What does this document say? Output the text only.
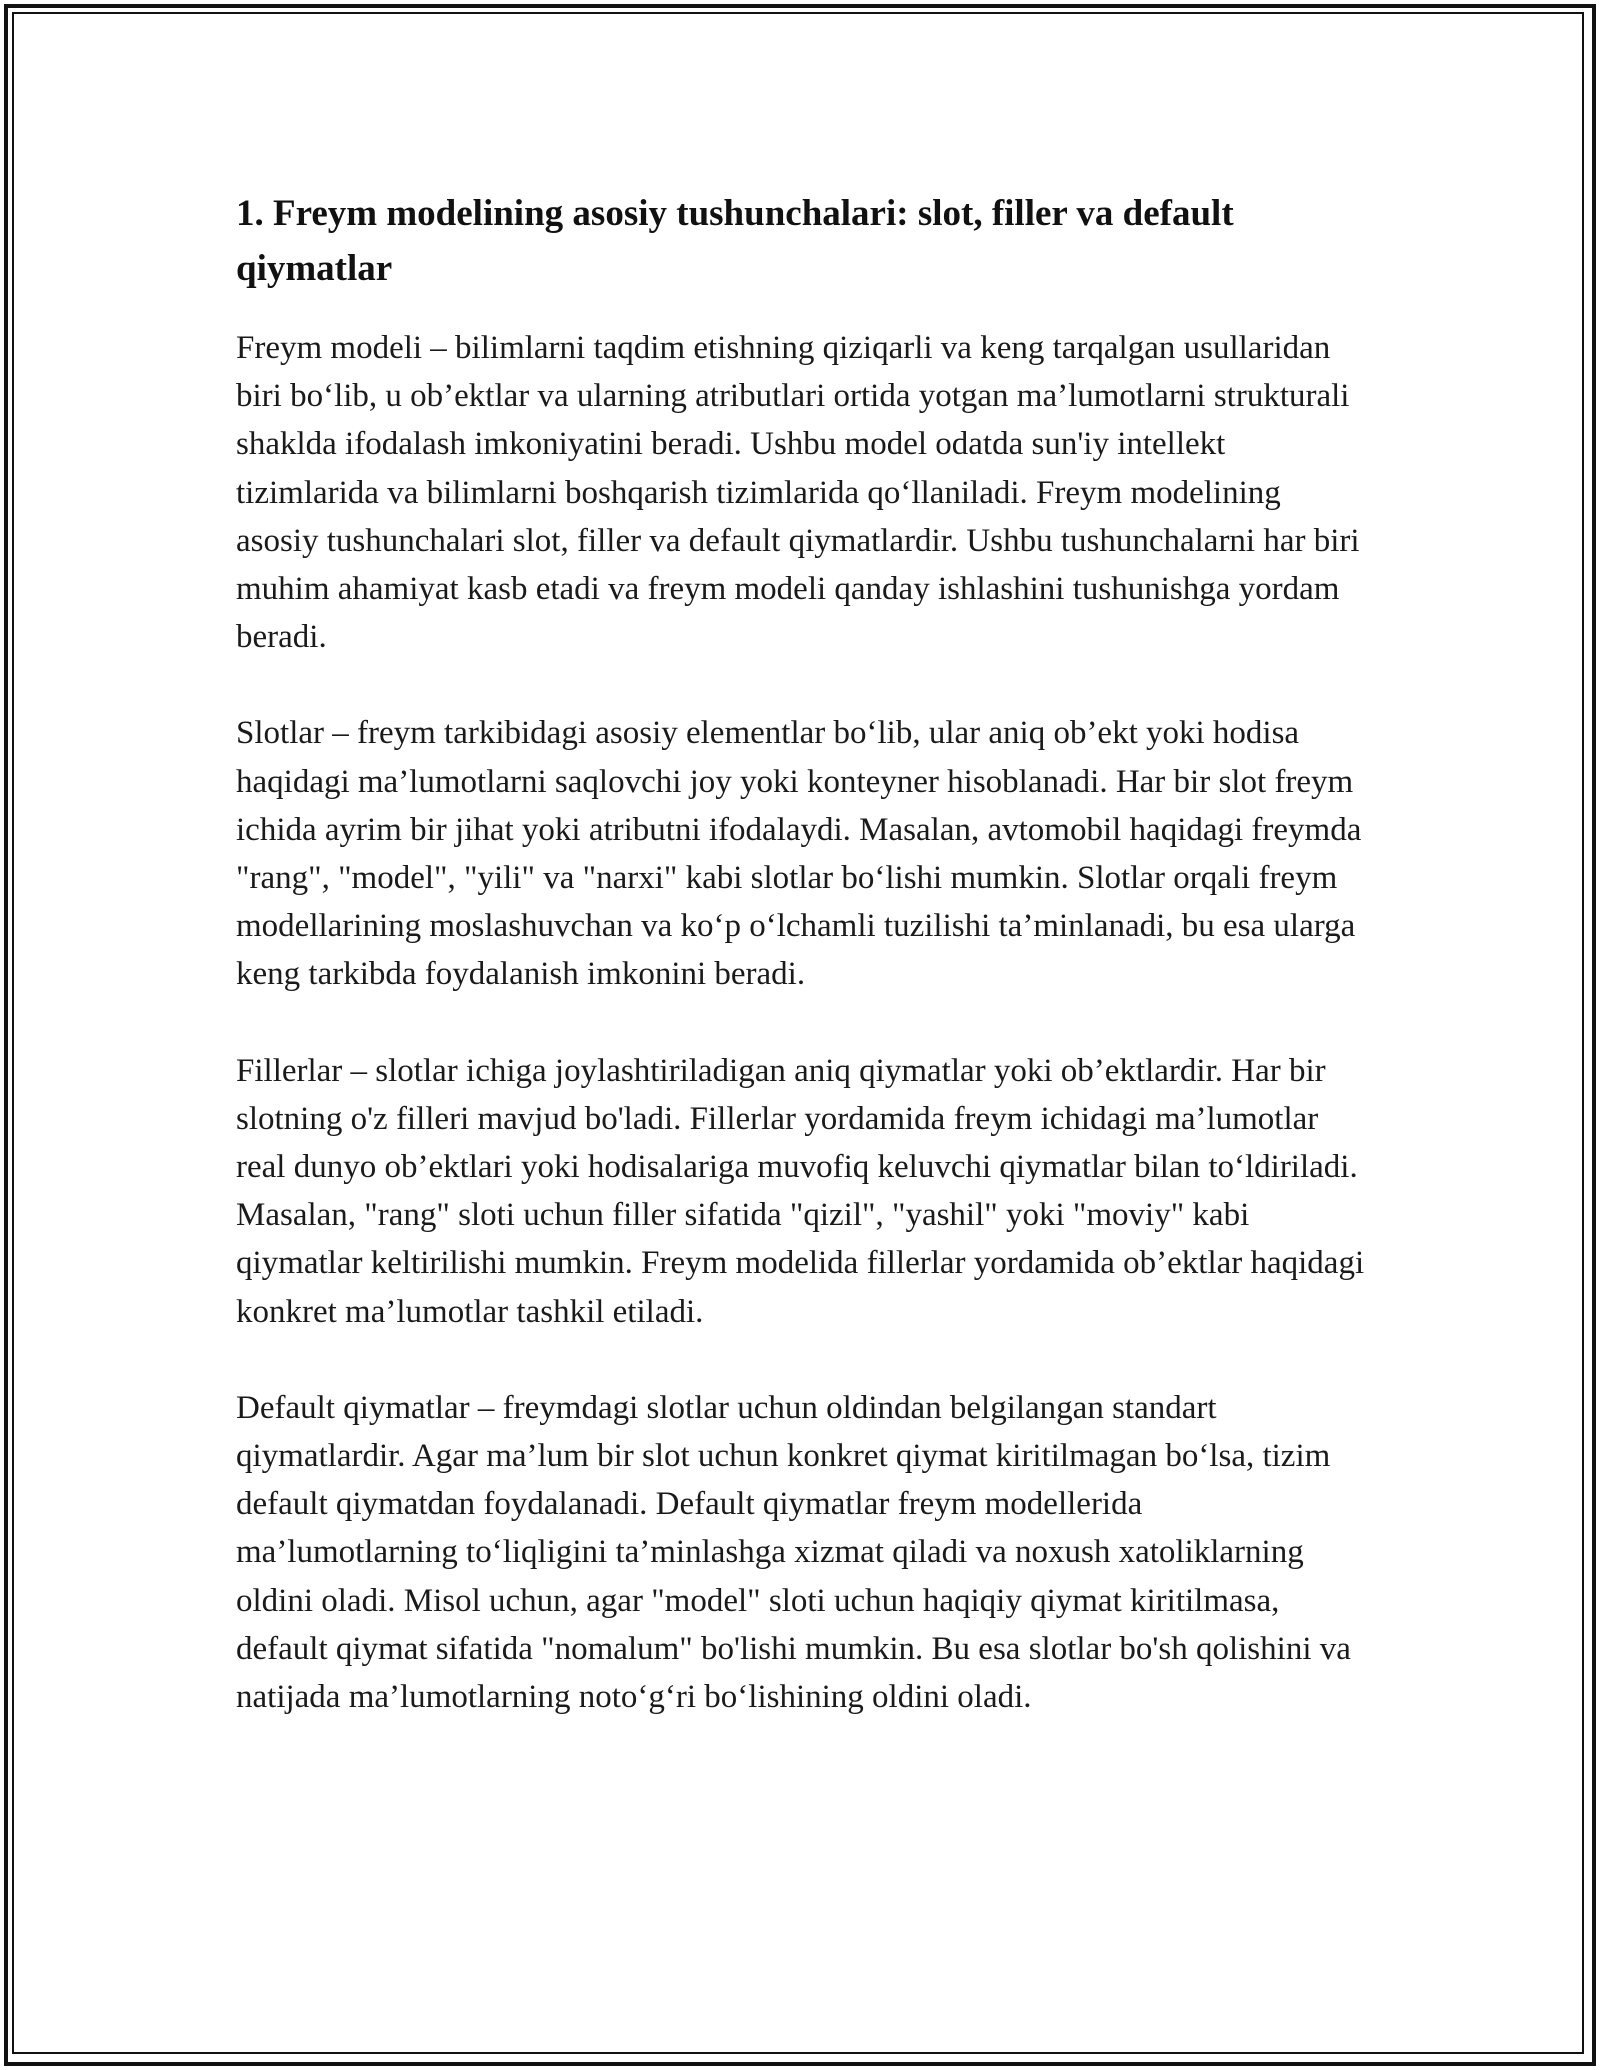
1. Freym modelining asosiy tushunchalari: slot, filler va default qiymatlar

Freym modeli – bilimlarni taqdim etishning qiziqarli va keng tarqalgan usullaridan biri bo‘lib, u ob’ektlar va ularning atributlari ortida yotgan ma’lumotlarni strukturali shaklda ifodalash imkoniyatini beradi. Ushbu model odatda sun'iy intellekt tizimlarida va bilimlarni boshqarish tizimlarida qo‘llaniladi. Freym modelining asosiy tushunchalari slot, filler va default qiymatlardir. Ushbu tushunchalarni har biri muhim ahamiyat kasb etadi va freym modeli qanday ishlashini tushunishga yordam beradi.

Slotlar – freym tarkibidagi asosiy elementlar bo‘lib, ular aniq ob’ekt yoki hodisa haqidagi ma’lumotlarni saqlovchi joy yoki konteyner hisoblanadi. Har bir slot freym ichida ayrim bir jihat yoki atributni ifodalaydi. Masalan, avtomobil haqidagi freymda "rang", "model", "yili" va "narxi" kabi slotlar bo‘lishi mumkin. Slotlar orqali freym modellarining moslashuvchan va ko‘p o‘lchamli tuzilishi ta’minlanadi, bu esa ularga keng tarkibda foydalanish imkonini beradi.

Fillerlar – slotlar ichiga joylashtiriladigan aniq qiymatlar yoki ob’ektlardir. Har bir slotning o'z filleri mavjud bo'ladi. Fillerlar yordamida freym ichidagi ma’lumotlar real dunyo ob’ektlari yoki hodisalariga muvofiq keluvchi qiymatlar bilan to‘ldiriladi. Masalan, "rang" sloti uchun filler sifatida "qizil", "yashil" yoki "moviy" kabi qiymatlar keltirilishi mumkin. Freym modelida fillerlar yordamida ob’ektlar haqidagi konkret ma’lumotlar tashkil etiladi.

Default qiymatlar – freymdagi slotlar uchun oldindan belgilangan standart qiymatlardir. Agar ma’lum bir slot uchun konkret qiymat kiritilmagan bo‘lsa, tizim default qiymatdan foydalanadi. Default qiymatlar freym modellerida ma’lumotlarning to‘liqligini ta’minlashga xizmat qiladi va noxush xatoliklarning oldini oladi. Misol uchun, agar "model" sloti uchun haqiqiy qiymat kiritilmasa, default qiymat sifatida "nomalum" bo'lishi mumkin. Bu esa slotlar bo'sh qolishini va natijada ma’lumotlarning noto‘g‘ri bo‘lishining oldini oladi.
